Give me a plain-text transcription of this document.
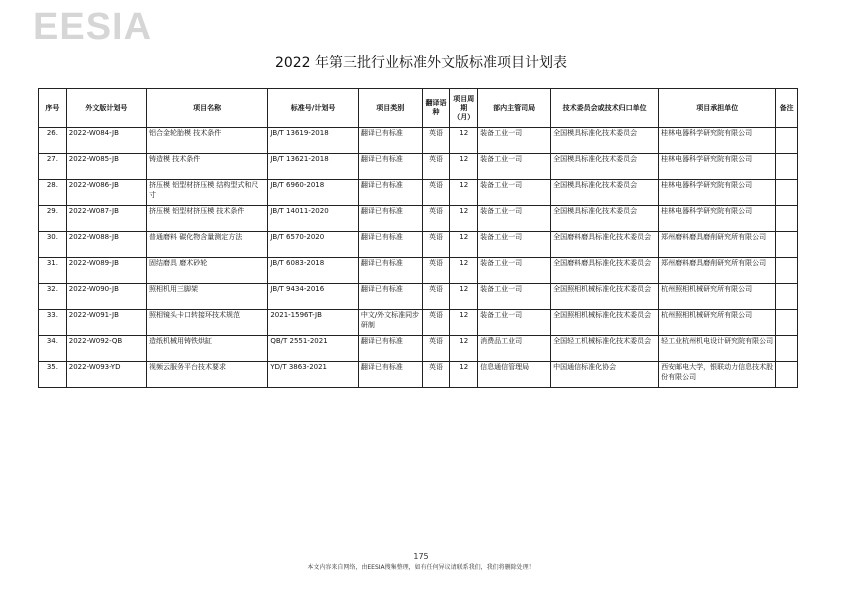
EESIA
2022 年第三批行业标准外文版标准项目计划表
序号	外文版计划号	项目名称	标准号/计划号	项目类别	翻译语种	项目周期（月）	部内主管司局	技术委员会或技术归口单位	项目承担单位	备注
26.	2022-W084-JB	铝合金轮胎模 技术条件	JB/T 13619-2018	翻译已有标准	英语	12	装备工业一司	全国模具标准化技术委员会	桂林电器科学研究院有限公司	
27.	2022-W085-JB	铸造模 技术条件	JB/T 13621-2018	翻译已有标准	英语	12	装备工业一司	全国模具标准化技术委员会	桂林电器科学研究院有限公司	
28.	2022-W086-JB	挤压模 铝型材挤压模 结构型式和尺寸	JB/T 6960-2018	翻译已有标准	英语	12	装备工业一司	全国模具标准化技术委员会	桂林电器科学研究院有限公司	
29.	2022-W087-JB	挤压模 铝型材挤压模 技术条件	JB/T 14011-2020	翻译已有标准	英语	12	装备工业一司	全国模具标准化技术委员会	桂林电器科学研究院有限公司	
30.	2022-W088-JB	普通磨料 碳化物含量测定方法	JB/T 6570-2020	翻译已有标准	英语	12	装备工业一司	全国磨料磨具标准化技术委员会	郑州磨料磨具磨削研究所有限公司	
31.	2022-W089-JB	固结磨具 磨术砂轮	JB/T 6083-2018	翻译已有标准	英语	12	装备工业一司	全国磨料磨具标准化技术委员会	郑州磨料磨具磨削研究所有限公司	
32.	2022-W090-JB	照相机用三脚架	JB/T 9434-2016	翻译已有标准	英语	12	装备工业一司	全国照相机械标准化技术委员会	杭州照相机械研究所有限公司	
33.	2022-W091-JB	照相镜头卡口转接环技术规范	2021-1596T-JB	中文/外文标准同步研制	英语	12	装备工业一司	全国照相机械标准化技术委员会	杭州照相机械研究所有限公司	
34.	2022-W092-QB	造纸机械用铸铁烘缸	QB/T 2551-2021	翻译已有标准	英语	12	消费品工业司	全国轻工机械标准化技术委员会	轻工业杭州机电设计研究院有限公司	
35.	2022-W093-YD	视频云服务平台技术要求	YD/T 3863-2021	翻译已有标准	英语	12	信息通信管理局	中国通信标准化协会	西安邮电大学，银联动力信息技术股份有限公司	
175
本文内容来自网络，由EESIA搜集整理，如有任何异议请联系我们，我们将删除处理！
